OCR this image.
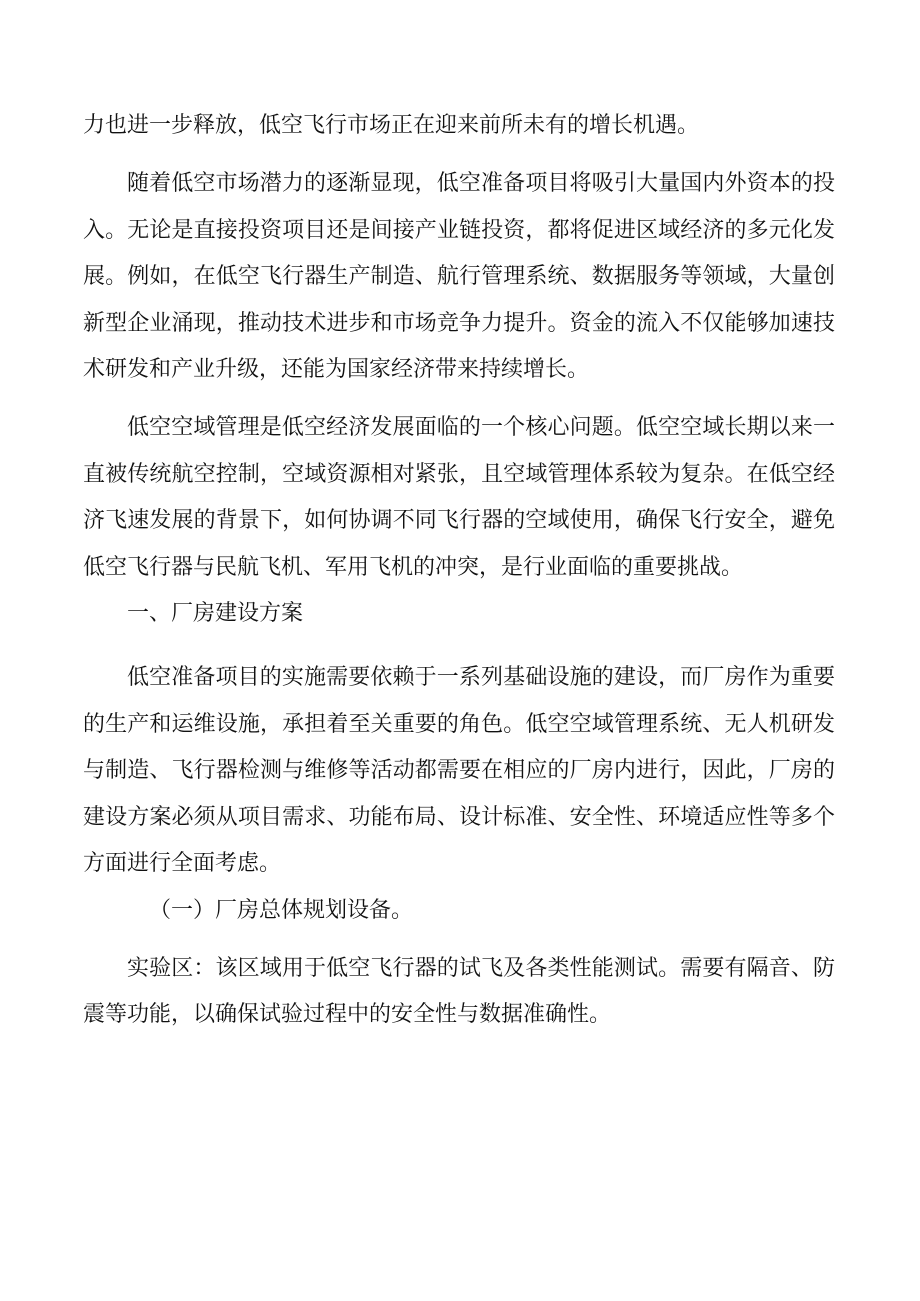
力也进一步释放，低空飞行市场正在迎来前所未有的增长机遇。

随着低空市场潜力的逐渐显现，低空准备项目将吸引大量国内外资本的投入。无论是直接投资项目还是间接产业链投资，都将促进区域经济的多元化发展。例如，在低空飞行器生产制造、航行管理系统、数据服务等领域，大量创新型企业涌现，推动技术进步和市场竞争力提升。资金的流入不仅能够加速技术研发和产业升级，还能为国家经济带来持续增长。

低空空域管理是低空经济发展面临的一个核心问题。低空空域长期以来一直被传统航空控制，空域资源相对紧张，且空域管理体系较为复杂。在低空经济飞速发展的背景下，如何协调不同飞行器的空域使用，确保飞行安全，避免低空飞行器与民航飞机、军用飞机的冲突，是行业面临的重要挑战。

一、厂房建设方案

低空准备项目的实施需要依赖于一系列基础设施的建设，而厂房作为重要的生产和运维设施，承担着至关重要的角色。低空空域管理系统、无人机研发与制造、飞行器检测与维修等活动都需要在相应的厂房内进行，因此，厂房的建设方案必须从项目需求、功能布局、设计标准、安全性、环境适应性等多个方面进行全面考虑。

（一）厂房总体规划设备。

实验区：该区域用于低空飞行器的试飞及各类性能测试。需要有隔音、防震等功能，以确保试验过程中的安全性与数据准确性。
